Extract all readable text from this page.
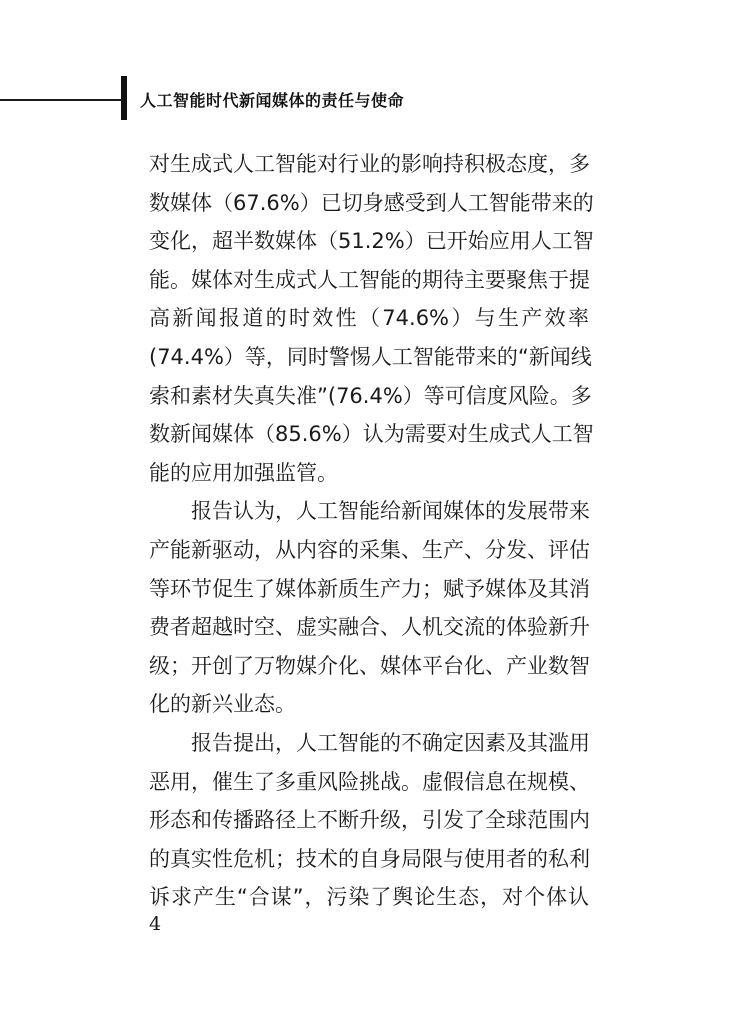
人工智能时代新闻媒体的责任与使命
对生成式人工智能对行业的影响持积极态度，多
数媒体（67.6%）已切身感受到人工智能带来的
变化，超半数媒体（51.2%）已开始应用人工智
能。媒体对生成式人工智能的期待主要聚焦于提
高新闻报道的时效性（74.6%）与生产效率
(74.4%）等，同时警惕人工智能带来的“新闻线
索和素材失真失准”(76.4%）等可信度风险。多
数新闻媒体（85.6%）认为需要对生成式人工智
能的应用加强监管。
报告认为，人工智能给新闻媒体的发展带来
产能新驱动，从内容的采集、生产、分发、评估
等环节促生了媒体新质生产力；赋予媒体及其消
费者超越时空、虚实融合、人机交流的体验新升
级；开创了万物媒介化、媒体平台化、产业数智
化的新兴业态。
报告提出，人工智能的不确定因素及其滥用
恶用，催生了多重风险挑战。虚假信息在规模、
形态和传播路径上不断升级，引发了全球范围内
的真实性危机；技术的自身局限与使用者的私利
诉求产生“合谋”，污染了舆论生态，对个体认
4
